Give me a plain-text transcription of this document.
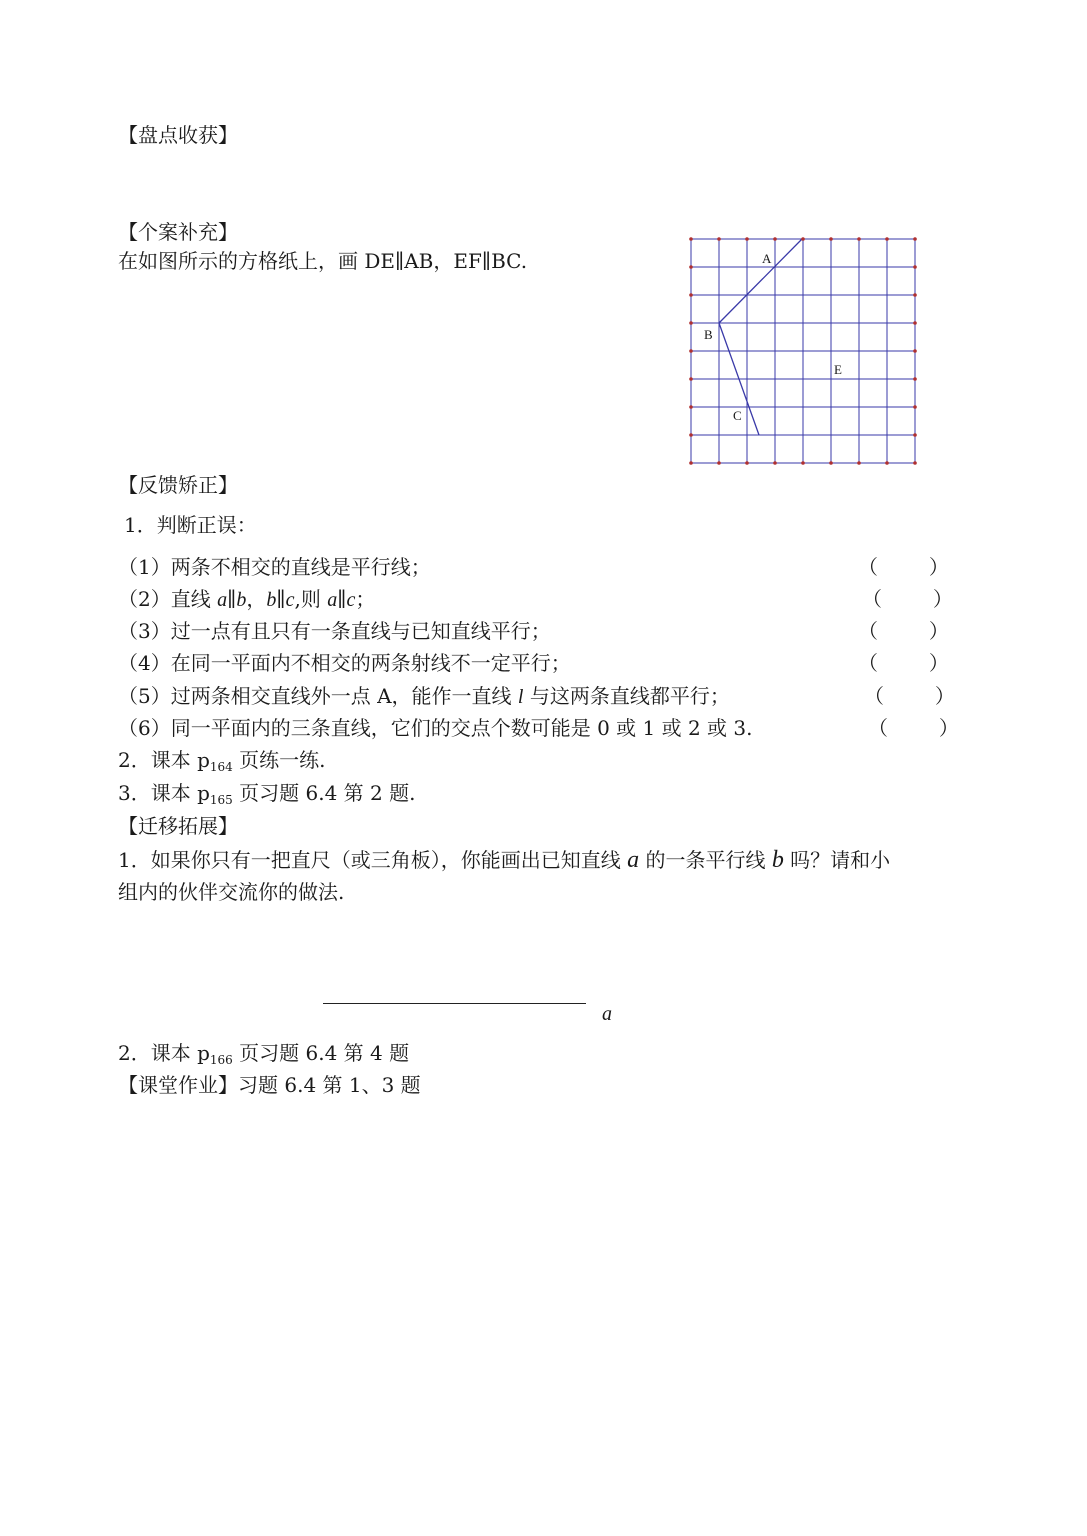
【盘点收获】
【个案补充】
在如图所示的方格纸上，画 DE∥AB，EF∥BC.	A
B
C
E
【反馈矫正】
1．判断正误：
（1）两条不相交的直线是平行线；	（        ）
（2）直线 a∥b，b∥c,则 a∥c；	（        ）
（3）过一点有且只有一条直线与已知直线平行；	（        ）
（4）在同一平面内不相交的两条射线不一定平行；	（        ）
（5）过两条相交直线外一点 A，能作一直线 l 与这两条直线都平行；	（        ）
（6）同一平面内的三条直线，它们的交点个数可能是 0 或 1 或 2 或 3.	（        ）
2．课本 $p_{164}$ 页练一练.
3．课本 $p_{165}$ 页习题 6.4 第 2 题.
【迁移拓展】
1．如果你只有一把直尺（或三角板），你能画出已知直线 a 的一条平行线 b 吗？请和小
组内的伙伴交流你的做法.
a
2．课本 $p_{166}$ 页习题 6.4 第 4 题
【课堂作业】习题 6.4 第 1、3 题
